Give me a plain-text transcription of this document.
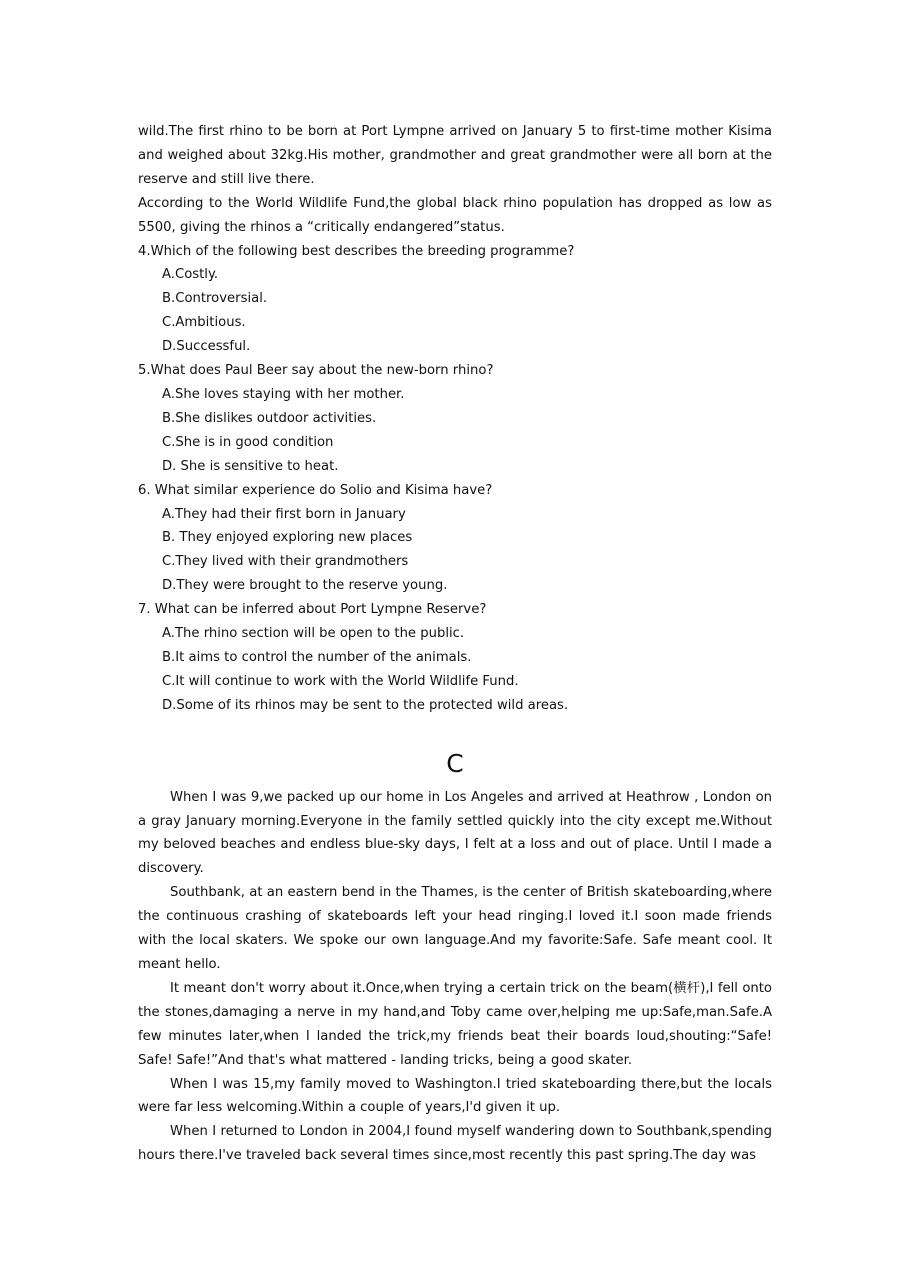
wild.The first rhino to be born at Port Lympne arrived on January 5 to first-time mother Kisima and weighed about 32kg.His mother, grandmother and great grandmother were all born at the reserve and still live there.

According to the World Wildlife Fund,the global black rhino population has dropped as low as 5500, giving the rhinos a “critically endangered”status.

4.Which of the following best describes the breeding programme?

A.Costly.

B.Controversial.

C.Ambitious.

D.Successful.

5.What does Paul Beer say about the new-born rhino?

A.She loves staying with her mother.

B.She dislikes outdoor activities.

C.She is in good condition

D. She is sensitive to heat.

6. What similar experience do Solio and Kisima have?

A.They had their first born in January

B. They enjoyed exploring new places

C.They lived with their grandmothers

D.They were brought to the reserve young.

7. What can be inferred about Port Lympne Reserve?

A.The rhino section will be open to the public.

B.It aims to control the number of the animals.

C.It will continue to work with the World Wildlife Fund.

D.Some of its rhinos may be sent to the protected wild areas.

C

When I was 9,we packed up our home in Los Angeles and arrived at Heathrow , London on a gray January morning.Everyone in the family settled quickly into the city except me.Without my beloved beaches and endless blue-sky days, I felt at a loss and out of place. Until I made a discovery.

Southbank, at an eastern bend in the Thames, is the center of British skateboarding,where the continuous crashing of skateboards left your head ringing.I loved it.I soon made friends with the local skaters. We spoke our own language.And my favorite:Safe. Safe meant cool. It meant hello.

It meant don't worry about it.Once,when trying a certain trick on the beam(横杆),I fell onto the stones,damaging a nerve in my hand,and Toby came over,helping me up:Safe,man.Safe.A few minutes later,when I landed the trick,my friends beat their boards loud,shouting:“Safe! Safe! Safe!”And that's what mattered - landing tricks, being a good skater.

When I was 15,my family moved to Washington.I tried skateboarding there,but the locals were far less welcoming.Within a couple of years,I'd given it up.

When I returned to London in 2004,I found myself wandering down to Southbank,spending hours there.I've traveled back several times since,most recently this past spring.The day was
